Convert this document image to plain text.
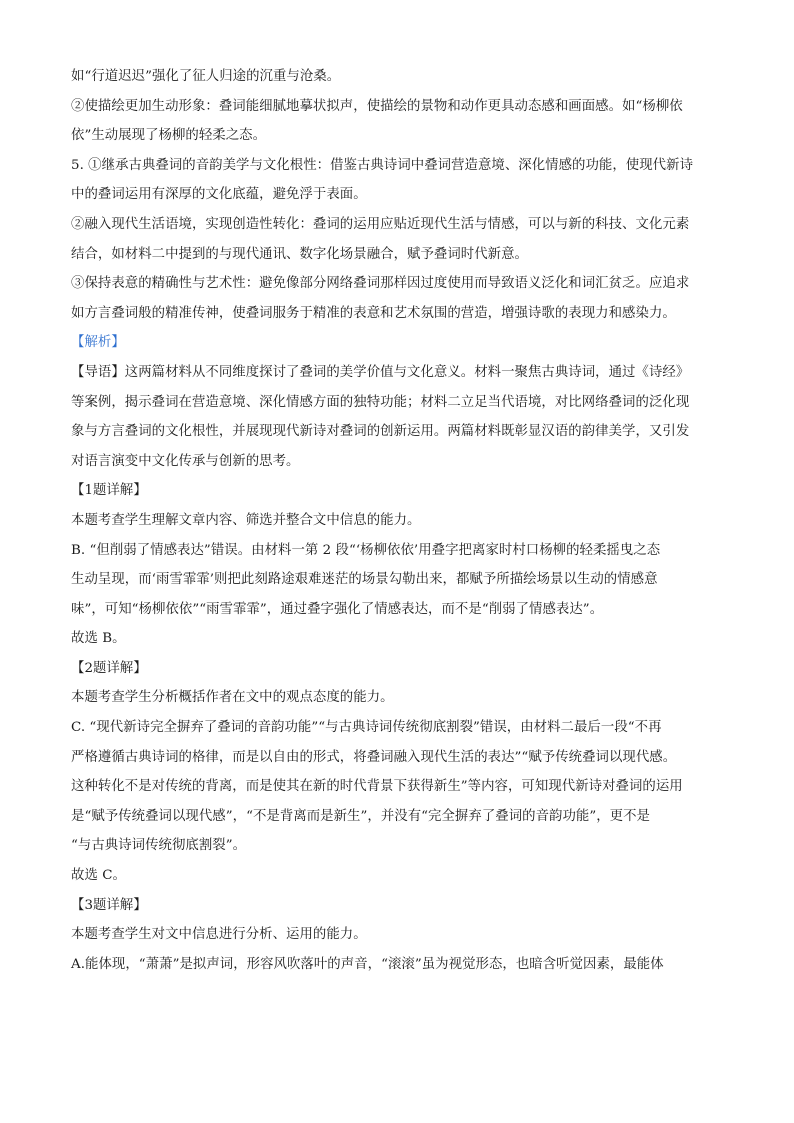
如“行道迟迟”强化了征人归途的沉重与沧桑。
②使描绘更加生动形象：叠词能细腻地摹状拟声，使描绘的景物和动作更具动态感和画面感。如“杨柳依
依”生动展现了杨柳的轻柔之态。
5. ①继承古典叠词的音韵美学与文化根性：借鉴古典诗词中叠词营造意境、深化情感的功能，使现代新诗
中的叠词运用有深厚的文化底蕴，避免浮于表面。
②融入现代生活语境，实现创造性转化：叠词的运用应贴近现代生活与情感，可以与新的科技、文化元素
结合，如材料二中提到的与现代通讯、数字化场景融合，赋予叠词时代新意。
③保持表意的精确性与艺术性：避免像部分网络叠词那样因过度使用而导致语义泛化和词汇贫乏。应追求
如方言叠词般的精准传神，使叠词服务于精准的表意和艺术氛围的营造，增强诗歌的表现力和感染力。
【解析】
【导语】这两篇材料从不同维度探讨了叠词的美学价值与文化意义。材料一聚焦古典诗词，通过《诗经》
等案例，揭示叠词在营造意境、深化情感方面的独特功能；材料二立足当代语境，对比网络叠词的泛化现
象与方言叠词的文化根性，并展现现代新诗对叠词的创新运用。两篇材料既彰显汉语的韵律美学，又引发
对语言演变中文化传承与创新的思考。
【1题详解】
本题考查学生理解文章内容、筛选并整合文中信息的能力。
B. “但削弱了情感表达”错误。由材料一第 2 段“‘杨柳依依’用叠字把离家时村口杨柳的轻柔摇曳之态
生动呈现，而‘雨雪霏霏’则把此刻路途艰难迷茫的场景勾勒出来，都赋予所描绘场景以生动的情感意
味”，可知“杨柳依依”“雨雪霏霏”，通过叠字强化了情感表达，而不是“削弱了情感表达”。
故选 B。
【2题详解】
本题考查学生分析概括作者在文中的观点态度的能力。
C. “现代新诗完全摒弃了叠词的音韵功能”“与古典诗词传统彻底割裂”错误，由材料二最后一段“不再
严格遵循古典诗词的格律，而是以自由的形式，将叠词融入现代生活的表达”“赋予传统叠词以现代感。
这种转化不是对传统的背离，而是使其在新的时代背景下获得新生”等内容，可知现代新诗对叠词的运用
是“赋予传统叠词以现代感”，“不是背离而是新生”，并没有“完全摒弃了叠词的音韵功能”，更不是
“与古典诗词传统彻底割裂”。
故选 C。
【3题详解】
本题考查学生对文中信息进行分析、运用的能力。
A.能体现，“萧萧”是拟声词，形容风吹落叶的声音，“滚滚”虽为视觉形态，也暗含听觉因素，最能体
